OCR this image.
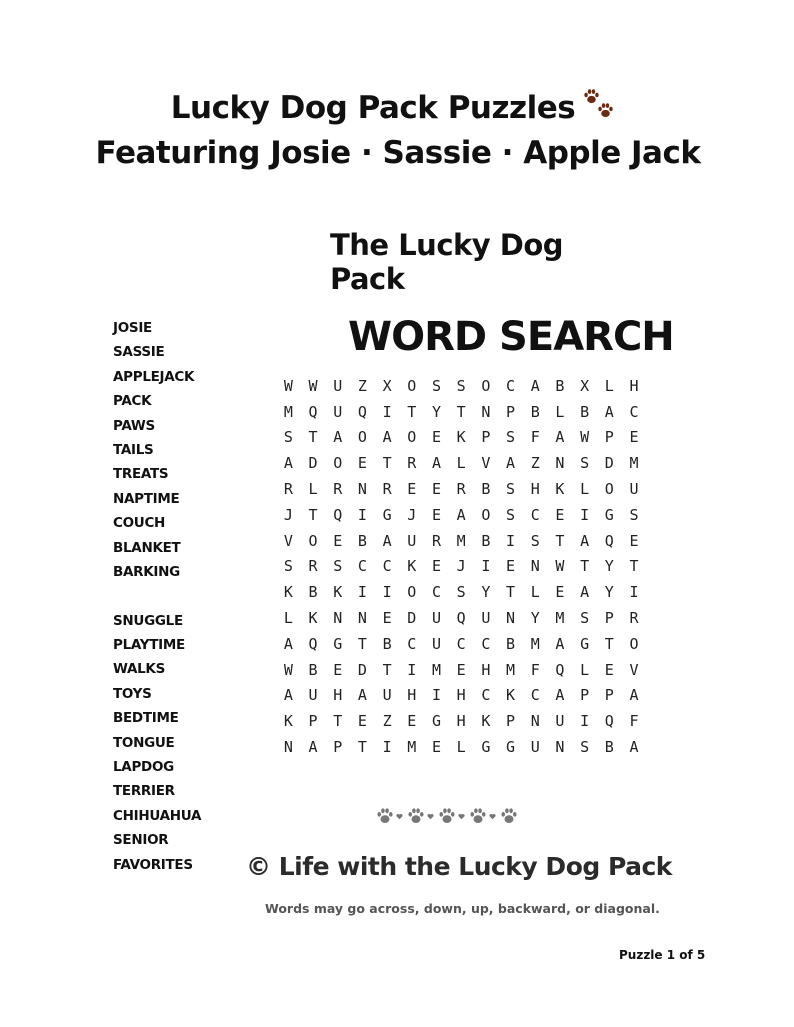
Lucky Dog Pack Puzzles
Featuring Josie · Sassie · Apple Jack
The Lucky Dog Pack
WORD SEARCH
JOSIE
SASSIE
APPLEJACK
PACK
PAWS
TAILS
TREATS
NAPTIME
COUCH
BLANKET
BARKING
SNUGGLE
PLAYTIME
WALKS
TOYS
BEDTIME
TONGUE
LAPDOG
TERRIER
CHIHUAHUA
SENIOR
FAVORITES
W	W	U	Z	X	O	S	S	O	C	A	B	X	L	H
M	Q	U	Q	I	T	Y	T	N	P	B	L	B	A	C
S	T	A	O	A	O	E	K	P	S	F	A	W	P	E
A	D	O	E	T	R	A	L	V	A	Z	N	S	D	M
R	L	R	N	R	E	E	R	B	S	H	K	L	O	U
J	T	Q	I	G	J	E	A	O	S	C	E	I	G	S
V	O	E	B	A	U	R	M	B	I	S	T	A	Q	E
S	R	S	C	C	K	E	J	I	E	N	W	T	Y	T
K	B	K	I	I	O	C	S	Y	T	L	E	A	Y	I
L	K	N	N	E	D	U	Q	U	N	Y	M	S	P	R
A	Q	G	T	B	C	U	C	C	B	M	A	G	T	O
W	B	E	D	T	I	M	E	H	M	F	Q	L	E	V
A	U	H	A	U	H	I	H	C	K	C	A	P	P	A
K	P	T	E	Z	E	G	H	K	P	N	U	I	Q	F
N	A	P	T	I	M	E	L	G	G	U	N	S	B	A
© Life with the Lucky Dog Pack
Words may go across, down, up, backward, or diagonal.
Puzzle 1 of 5
